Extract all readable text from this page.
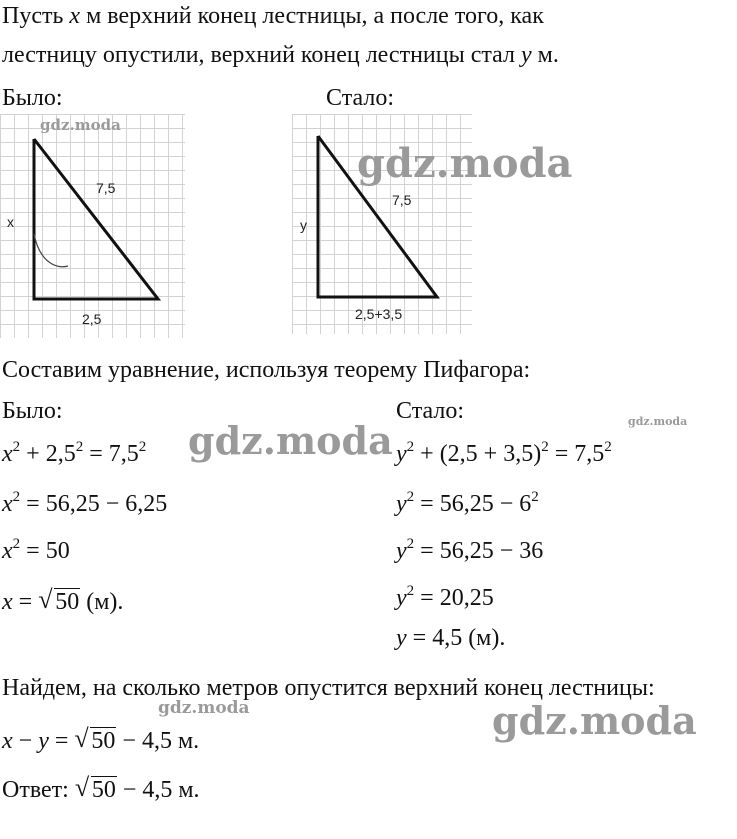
Пусть x м верхний конец лестницы, а после того, как
лестницу опустили, верхний конец лестницы стал y м.
Было:	Стало:
x
7,5
2,5
y
7,5
2,5+3,5
Составим уравнение, используя теорему Пифагора:
Было:	Стало:
$x^2 + 2,5^2 = 7,5^2$
$x^2 = 56,25 - 6,25$
$x^2 = 50$
x = √ 50 (м).
$y^2 + (2,5 + 3,5)^2 = 7,5^2$
$y^2 = 56,25 - 6^2$
$y^2 = 56,25 - 36$
$y^2 = 20,25$
y = 4,5 (м).
Найдем, на сколько метров опустится верхний конец лестницы:
x − y = √ 50 − 4,5 м.
Ответ: √ 50 − 4,5 м.
gdz.moda
gdz.moda
gdz.moda	gdz.moda
gdz.moda	gdz.moda
